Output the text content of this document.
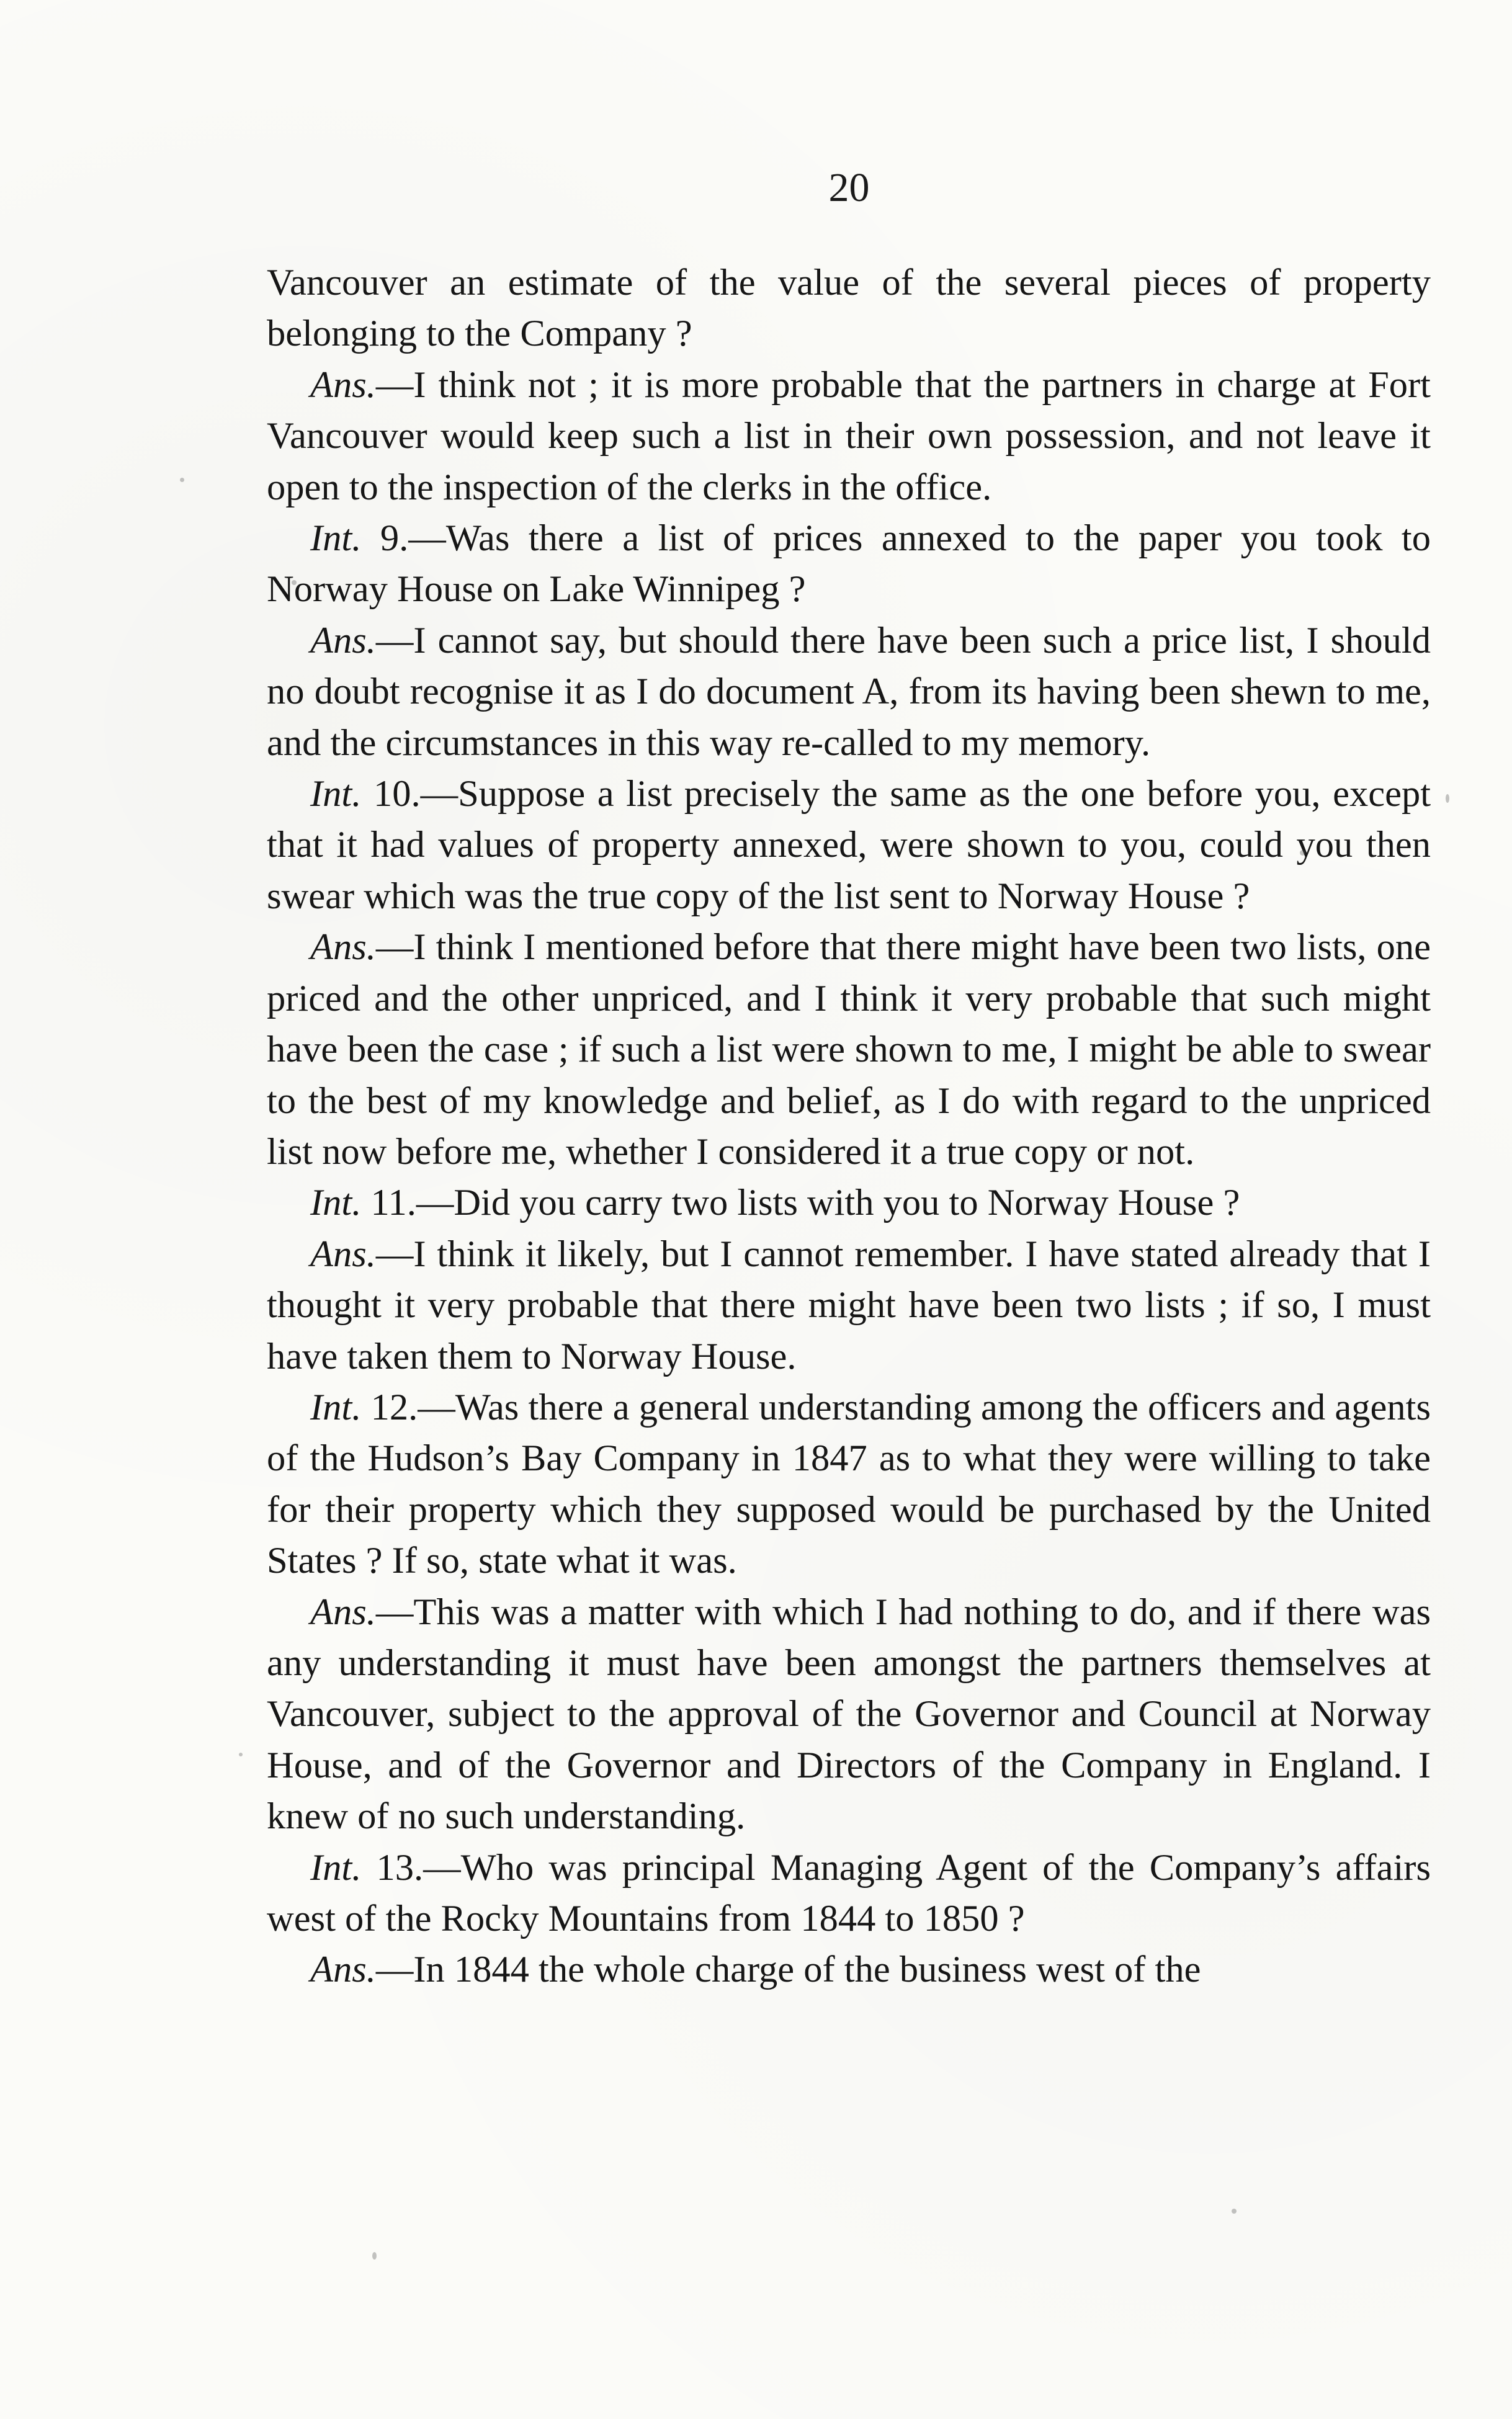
20

Vancouver an estimate of the value of the several pieces of property belonging to the Company ?

Ans.—I think not ; it is more probable that the partners in charge at Fort Vancouver would keep such a list in their own possession, and not leave it open to the inspection of the clerks in the office.

Int. 9.—Was there a list of prices annexed to the paper you took to Norway House on Lake Winnipeg ?

Ans.—I cannot say, but should there have been such a price list, I should no doubt recognise it as I do document A, from its having been shewn to me, and the circumstances in this way re-called to my memory.

Int. 10.—Suppose a list precisely the same as the one before you, except that it had values of property annexed, were shown to you, could you then swear which was the true copy of the list sent to Norway House ?

Ans.—I think I mentioned before that there might have been two lists, one priced and the other unpriced, and I think it very probable that such might have been the case ; if such a list were shown to me, I might be able to swear to the best of my knowledge and belief, as I do with regard to the unpriced list now before me, whether I considered it a true copy or not.

Int. 11.—Did you carry two lists with you to Norway House ?

Ans.—I think it likely, but I cannot remember. I have stated already that I thought it very probable that there might have been two lists ; if so, I must have taken them to Norway House.

Int. 12.—Was there a general understanding among the officers and agents of the Hudson’s Bay Company in 1847 as to what they were willing to take for their property which they supposed would be purchased by the United States ? If so, state what it was.

Ans.—This was a matter with which I had nothing to do, and if there was any understanding it must have been amongst the partners themselves at Vancouver, subject to the approval of the Governor and Council at Norway House, and of the Governor and Directors of the Company in England. I knew of no such understanding.

Int. 13.—Who was principal Managing Agent of the Company’s affairs west of the Rocky Mountains from 1844 to 1850 ?

Ans.—In 1844 the whole charge of the business west of the
